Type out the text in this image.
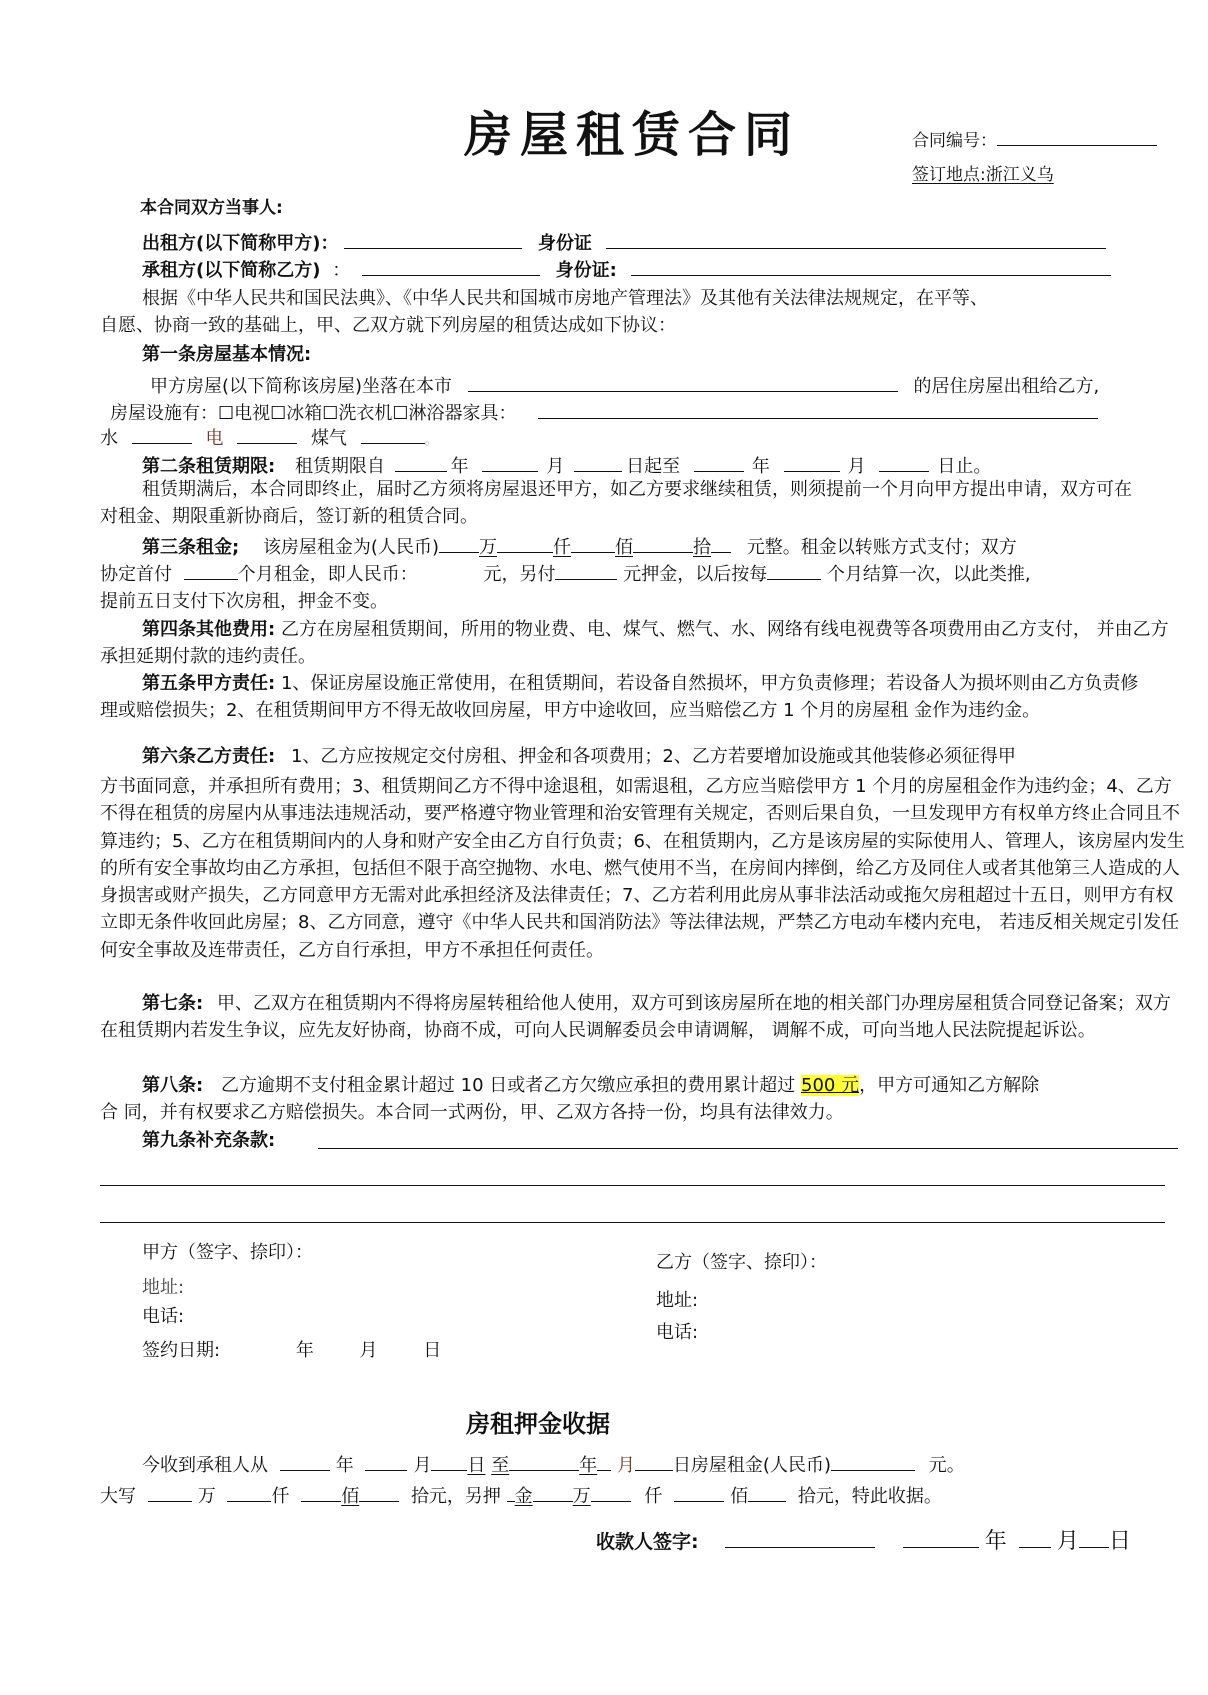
房屋租赁合同	合同编号：
签订地点:浙江义乌
本合同双方当事人:
出租方(以下简称甲方)：	身份证
承租方(以下简称乙方) ：	身份证:
根据《中华人民共和国民法典》、《中华人民共和国城市房地产管理法》及其他有关法律法规规定，在平等、
自愿、协商一致的基础上，甲、乙双方就下列房屋的租赁达成如下协议：
第一条房屋基本情况:
甲方房屋(以下简称该房屋)坐落在本市	的居住房屋出租给乙方,
房屋设施有：☐电视☐冰箱☐洗衣机☐淋浴器家具：
水	电	煤气	。
第二条租赁期限: 租赁期限自	年	月	日起至	年	月	日止。
租赁期满后，本合同即终止，届时乙方须将房屋退还甲方，如乙方要求继续租赁，则须提前一个月向甲方提出申请，双方可在对租金、期限重新协商后，签订新的租赁合同。
第三条租金; 该房屋租金为(人民币) 万	仟 佰	拾 元整。租金以转账方式支付；双方
协定首付	个月租金，即人民币：	元，另付	元押金，以后按每	个月结算一次，以此类推,
提前五日支付下次房租，押金不变。
第四条其他费用: 乙方在房屋租赁期间，所用的物业费、电、煤气、燃气、水、网络有线电视费等各项费用由乙方支付， 并由乙方承担延期付款的违约责任。
第五条甲方责任: 1、保证房屋设施正常使用，在租赁期间，若设备自然损坏，甲方负责修理；若设备人为损坏则由乙方负责修理或赔偿损失；2、在租赁期间甲方不得无故收回房屋，甲方中途收回，应当赔偿乙方 1 个月的房屋租 金作为违约金。
第六条乙方责任: 1、乙方应按规定交付房租、押金和各项费用；2、乙方若要增加设施或其他装修必须征得甲
方书面同意，并承担所有费用；3、租赁期间乙方不得中途退租，如需退租，乙方应当赔偿甲方 1 个月的房屋租金作为违约金；4、乙方不得在租赁的房屋内从事违法违规活动，要严格遵守物业管理和治安管理有关规定，否则后果自负，一旦发现甲方有权单方终止合同且不算违约；5、乙方在租赁期间内的人身和财产安全由乙方自行负责；6、在租赁期内，乙方是该房屋的实际使用人、管理人，该房屋内发生的所有安全事故均由乙方承担，包括但不限于高空抛物、水电、燃气使用不当，在房间内摔倒，给乙方及同住人或者其他第三人造成的人身损害或财产损失，乙方同意甲方无需对此承担经济及法律责任；7、乙方若利用此房从事非法活动或拖欠房租超过十五日，则甲方有权立即无条件收回此房屋；8、乙方同意，遵守《中华人民共和国消防法》等法律法规，严禁乙方电动车楼内充电， 若违反相关规定引发任何安全事故及连带责任，乙方自行承担，甲方不承担任何责任。
第七条: 甲、乙双方在租赁期内不得将房屋转租给他人使用，双方可到该房屋所在地的相关部门办理房屋租赁合同登记备案；双方在租赁期内若发生争议，应先友好协商，协商不成，可向人民调解委员会申请调解， 调解不成，可向当地人民法院提起诉讼。
第八条: 乙方逾期不支付租金累计超过 10 日或者乙方欠缴应承担的费用累计超过 500 元，甲方可通知乙方解除
合 同，并有权要求乙方赔偿损失。本合同一式两份，甲、乙双方各持一份，均具有法律效力。
第九条补充条款:
甲方（签字、捺印）：
地址:
电话:
签约日期:	年	月	日
乙方（签字、捺印）：
地址:
电话:
房租押金收据
今收到承租人从	年	月 日 至	年 月 日房屋租金(人民币)	元。
大写	万	仟	佰	拾元，另押 金 万	仟	佰	拾元，特此收据。
收款人签字:	年 月 日
